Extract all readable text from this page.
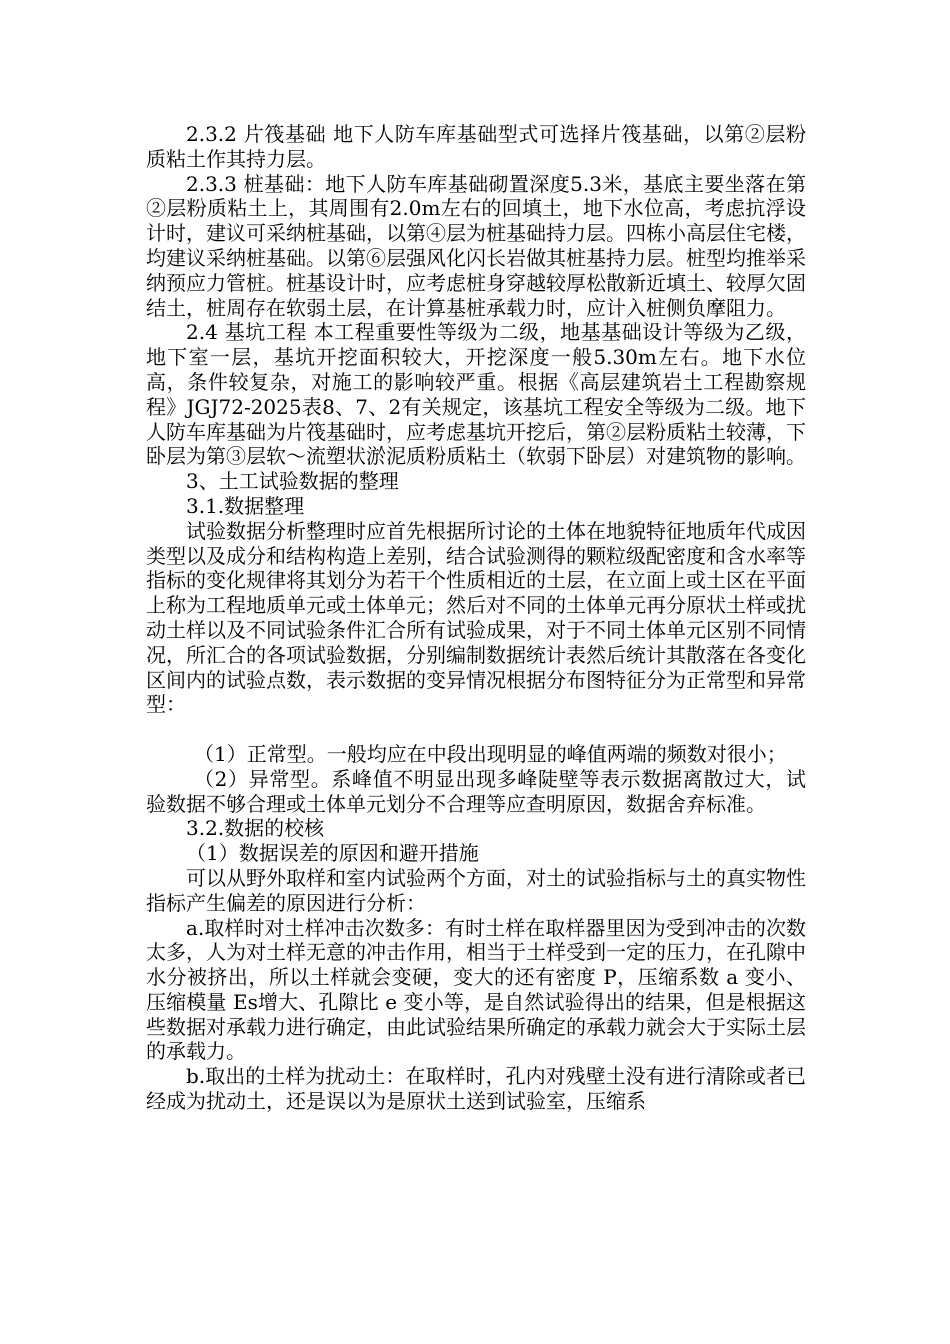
2.3.2 片筏基础 地下人防车库基础型式可选择片筏基础，以第②层粉质粘土作其持力层。

2.3.3 桩基础：地下人防车库基础砌置深度5.3米，基底主要坐落在第②层粉质粘土上，其周围有2.0m左右的回填土，地下水位高，考虑抗浮设计时，建议可采纳桩基础，以第④层为桩基础持力层。四栋小高层住宅楼，均建议采纳桩基础。以第⑥层强风化闪长岩做其桩基持力层。桩型均推举采纳预应力管桩。桩基设计时，应考虑桩身穿越较厚松散新近填土、较厚欠固结土，桩周存在软弱土层，在计算基桩承载力时，应计入桩侧负摩阻力。

2.4 基坑工程 本工程重要性等级为二级，地基基础设计等级为乙级，地下室一层，基坑开挖面积较大，开挖深度一般5.30m左右。地下水位高，条件较复杂，对施工的影响较严重。根据《高层建筑岩土工程勘察规程》JGJ72-2025表8、7、2有关规定，该基坑工程安全等级为二级。地下人防车库基础为片筏基础时，应考虑基坑开挖后，第②层粉质粘土较薄，下卧层为第③层软～流塑状淤泥质粉质粘土（软弱下卧层）对建筑物的影响。

3、土工试验数据的整理

3.1.数据整理

试验数据分析整理时应首先根据所讨论的土体在地貌特征地质年代成因类型以及成分和结构构造上差别，结合试验测得的颗粒级配密度和含水率等指标的变化规律将其划分为若干个性质相近的土层，在立面上或土区在平面上称为工程地质单元或土体单元；然后对不同的土体单元再分原状土样或扰动土样以及不同试验条件汇合所有试验成果，对于不同土体单元区别不同情况，所汇合的各项试验数据，分别编制数据统计表然后统计其散落在各变化区间内的试验点数，表示数据的变异情况根据分布图特征分为正常型和异常型：

（1）正常型。一般均应在中段出现明显的峰值两端的频数对很小；

（2）异常型。系峰值不明显出现多峰陡壁等表示数据离散过大，试验数据不够合理或土体单元划分不合理等应查明原因，数据舍弃标准。

3.2.数据的校核

（1）数据误差的原因和避开措施

可以从野外取样和室内试验两个方面，对土的试验指标与土的真实物性指标产生偏差的原因进行分析：

a.取样时对土样冲击次数多：有时土样在取样器里因为受到冲击的次数太多，人为对土样无意的冲击作用，相当于土样受到一定的压力，在孔隙中水分被挤出，所以土样就会变硬，变大的还有密度 P，压缩系数 a 变小、压缩模量 Es增大、孔隙比 e 变小等，是自然试验得出的结果，但是根据这些数据对承载力进行确定，由此试验结果所确定的承载力就会大于实际土层的承载力。

b.取出的土样为扰动土：在取样时，孔内对残壁土没有进行清除或者已经成为扰动土，还是误以为是原状土送到试验室，压缩系
